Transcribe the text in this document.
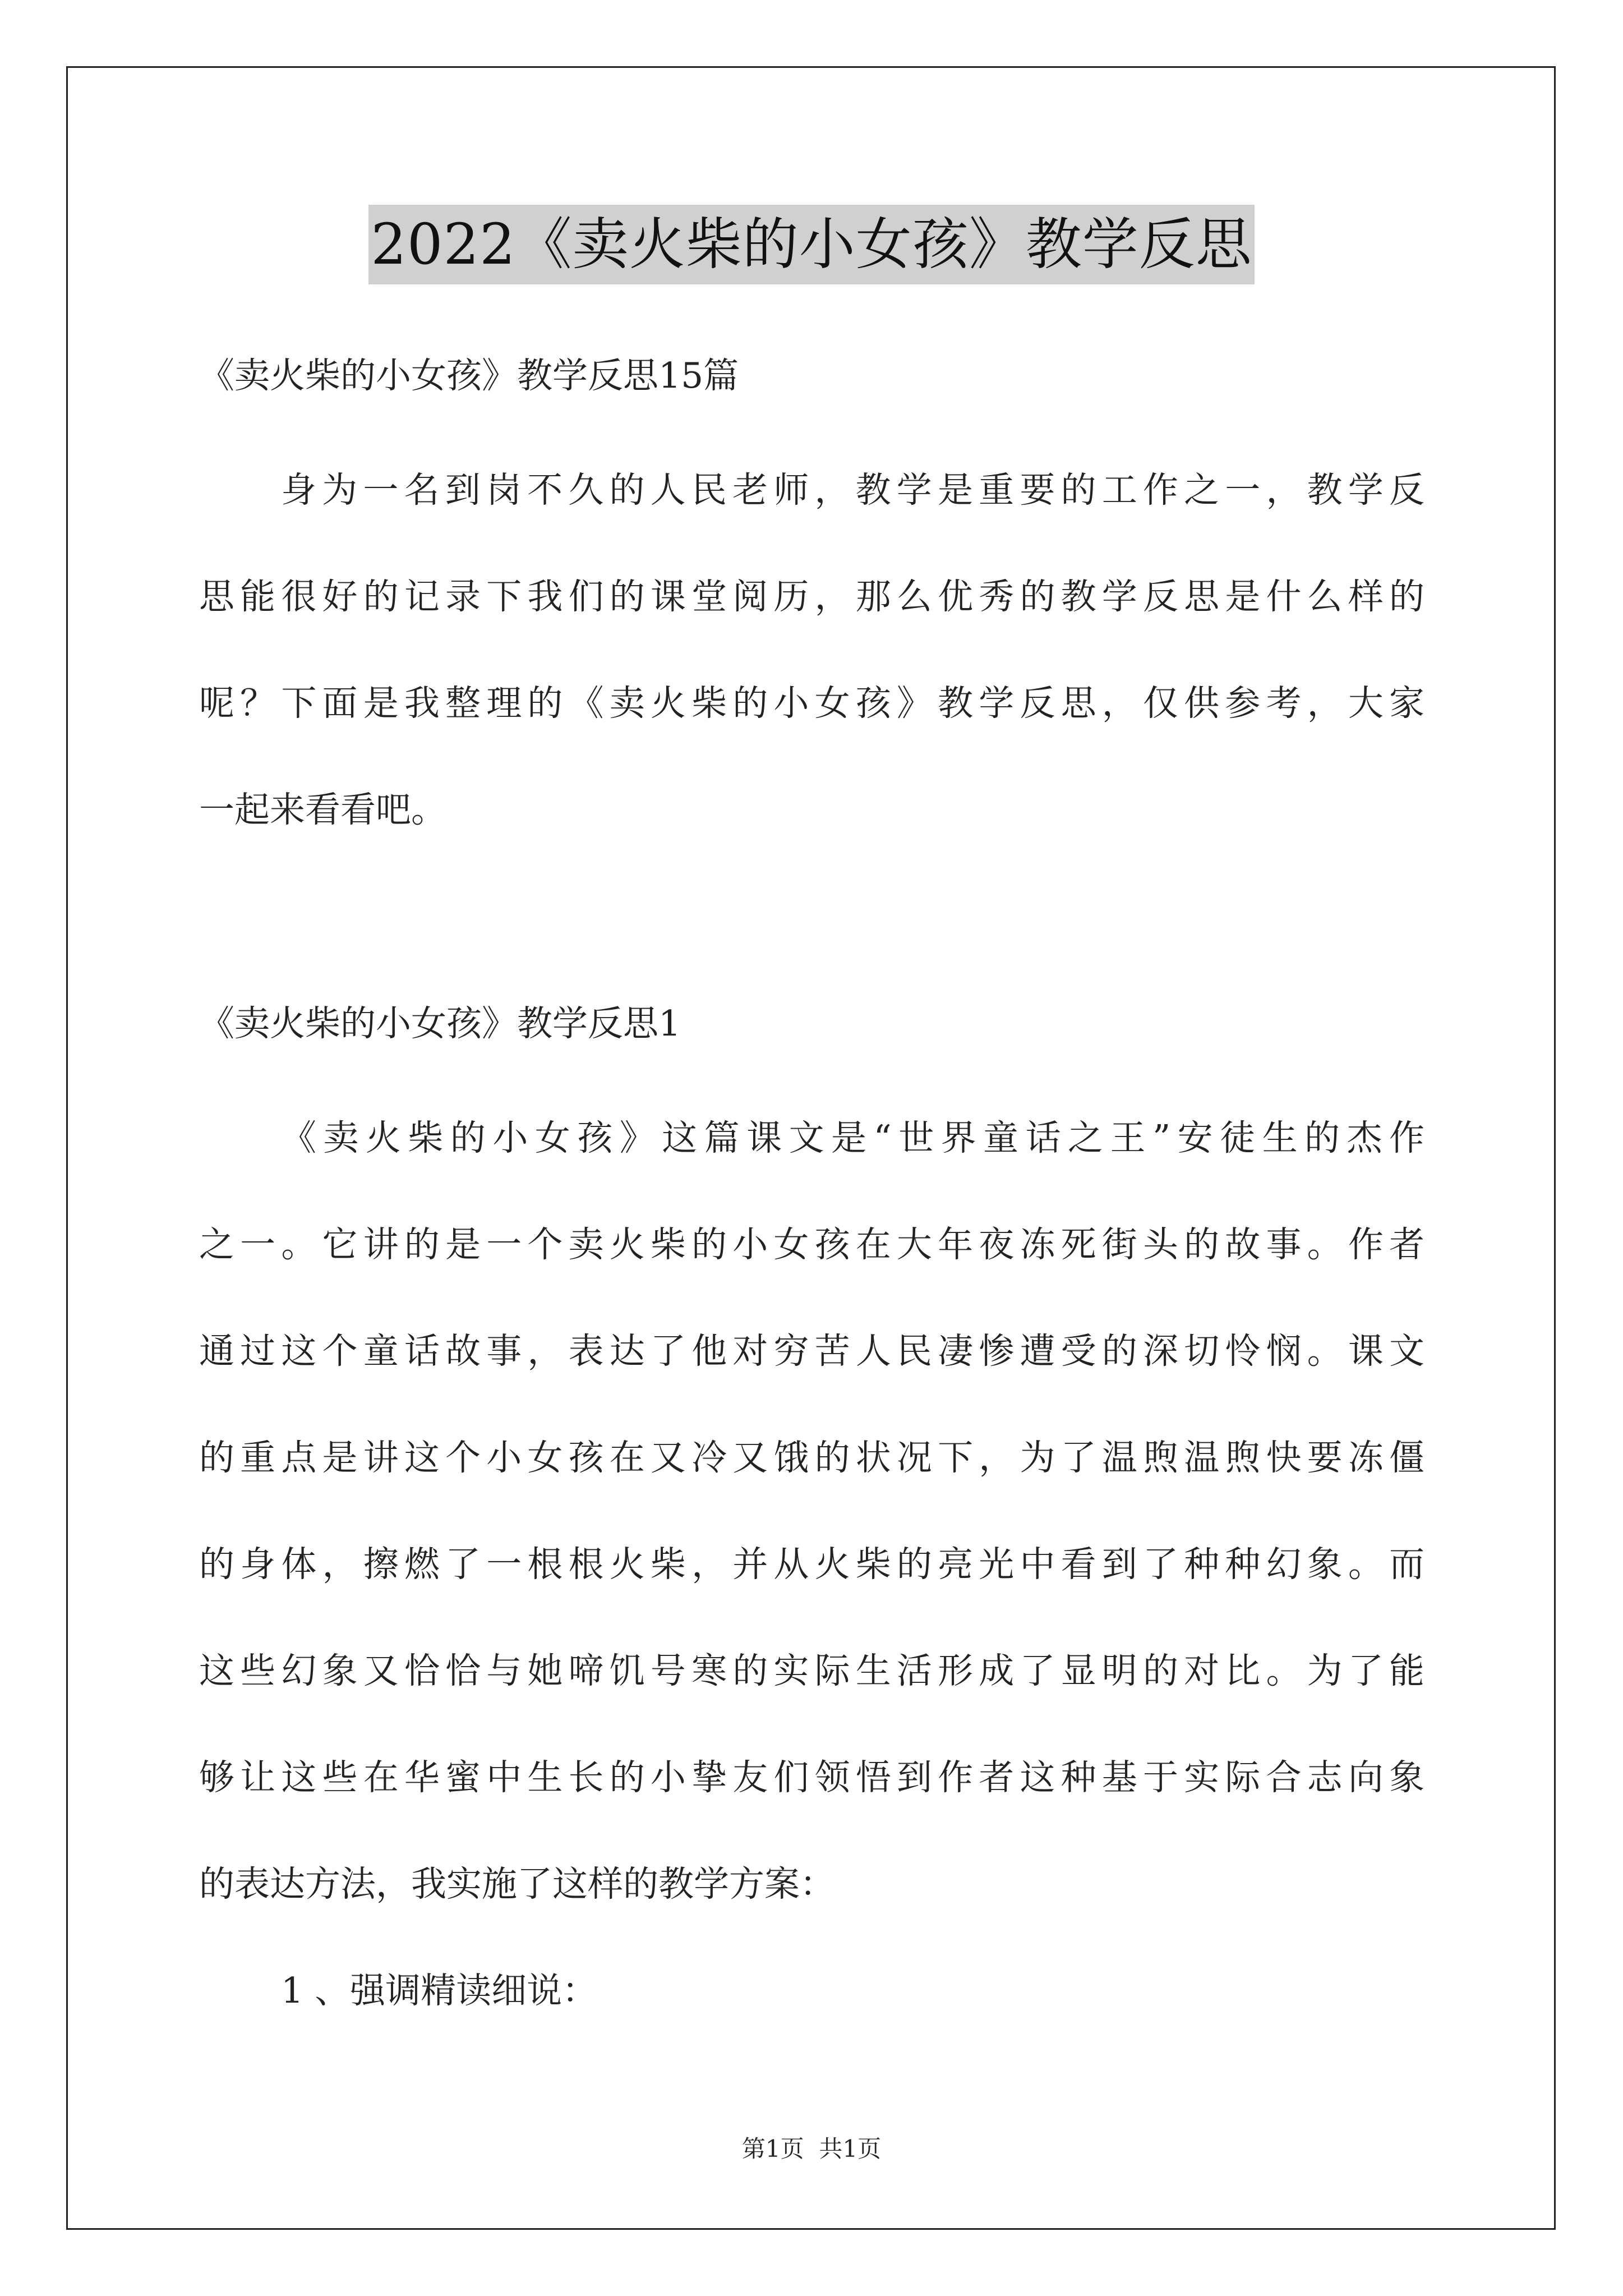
2022《卖火柴的小女孩》教学反思

《卖火柴的小女孩》教学反思15篇

身为一名到岗不久的人民老师，教学是重要的工作之一，教学反

思能很好的记录下我们的课堂阅历，那么优秀的教学反思是什么样的

呢？下面是我整理的《卖火柴的小女孩》教学反思，仅供参考，大家

一起来看看吧。

《卖火柴的小女孩》教学反思1

《卖火柴的小女孩》这篇课文是“世界童话之王”安徒生的杰作

之一。它讲的是一个卖火柴的小女孩在大年夜冻死街头的故事。作者

通过这个童话故事，表达了他对穷苦人民凄惨遭受的深切怜悯。课文

的重点是讲这个小女孩在又冷又饿的状况下，为了温煦温煦快要冻僵

的身体，擦燃了一根根火柴，并从火柴的亮光中看到了种种幻象。而

这些幻象又恰恰与她啼饥号寒的实际生活形成了显明的对比。为了能

够让这些在华蜜中生长的小挚友们领悟到作者这种基于实际合志向象

的表达方法，我实施了这样的教学方案：

1 、强调精读细说：

第1页  共1页
